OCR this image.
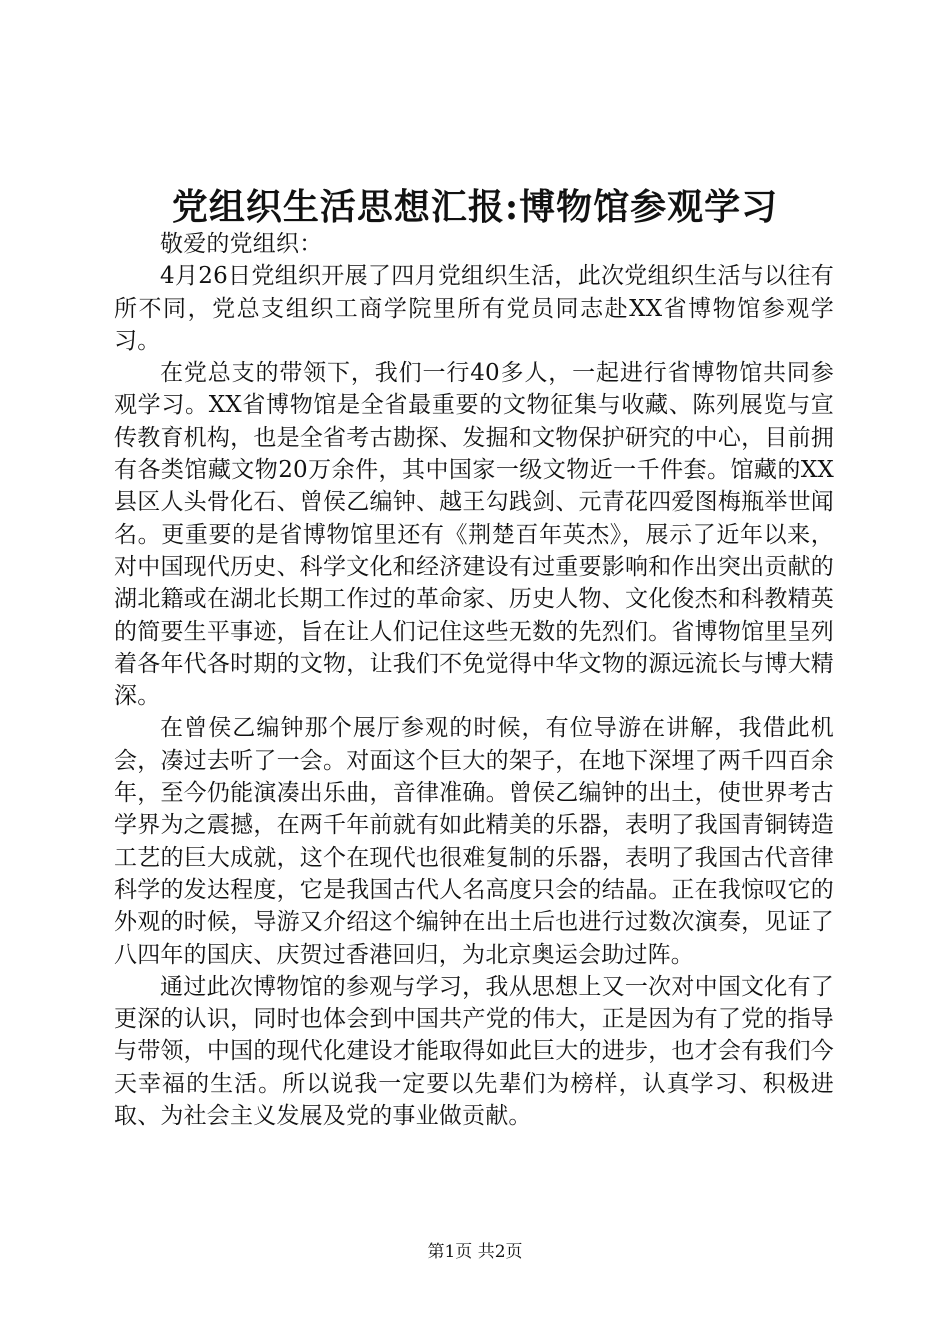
党组织生活思想汇报:博物馆参观学习

敬爱的党组织：

4月26日党组织开展了四月党组织生活，此次党组织生活与以往有所不同，党总支组织工商学院里所有党员同志赴XX省博物馆参观学习。

在党总支的带领下，我们一行40多人，一起进行省博物馆共同参观学习。XX省博物馆是全省最重要的文物征集与收藏、陈列展览与宣传教育机构，也是全省考古勘探、发掘和文物保护研究的中心，目前拥有各类馆藏文物20万余件，其中国家一级文物近一千件套。馆藏的XX县区人头骨化石、曾侯乙编钟、越王勾践剑、元青花四爱图梅瓶举世闻名。更重要的是省博物馆里还有《荆楚百年英杰》，展示了近年以来，对中国现代历史、科学文化和经济建设有过重要影响和作出突出贡献的湖北籍或在湖北长期工作过的革命家、历史人物、文化俊杰和科教精英的简要生平事迹，旨在让人们记住这些无数的先烈们。省博物馆里呈列着各年代各时期的文物，让我们不免觉得中华文物的源远流长与博大精深。

在曾侯乙编钟那个展厅参观的时候，有位导游在讲解，我借此机会，凑过去听了一会。对面这个巨大的架子，在地下深埋了两千四百余年，至今仍能演凑出乐曲，音律准确。曾侯乙编钟的出土，使世界考古学界为之震撼，在两千年前就有如此精美的乐器，表明了我国青铜铸造工艺的巨大成就，这个在现代也很难复制的乐器，表明了我国古代音律科学的发达程度，它是我国古代人名高度只会的结晶。正在我惊叹它的外观的时候，导游又介绍这个编钟在出土后也进行过数次演奏，见证了八四年的国庆、庆贺过香港回归，为北京奥运会助过阵。

通过此次博物馆的参观与学习，我从思想上又一次对中国文化有了更深的认识，同时也体会到中国共产党的伟大，正是因为有了党的指导与带领，中国的现代化建设才能取得如此巨大的进步，也才会有我们今天幸福的生活。所以说我一定要以先辈们为榜样，认真学习、积极进取、为社会主义发展及党的事业做贡献。

第1页 共2页
